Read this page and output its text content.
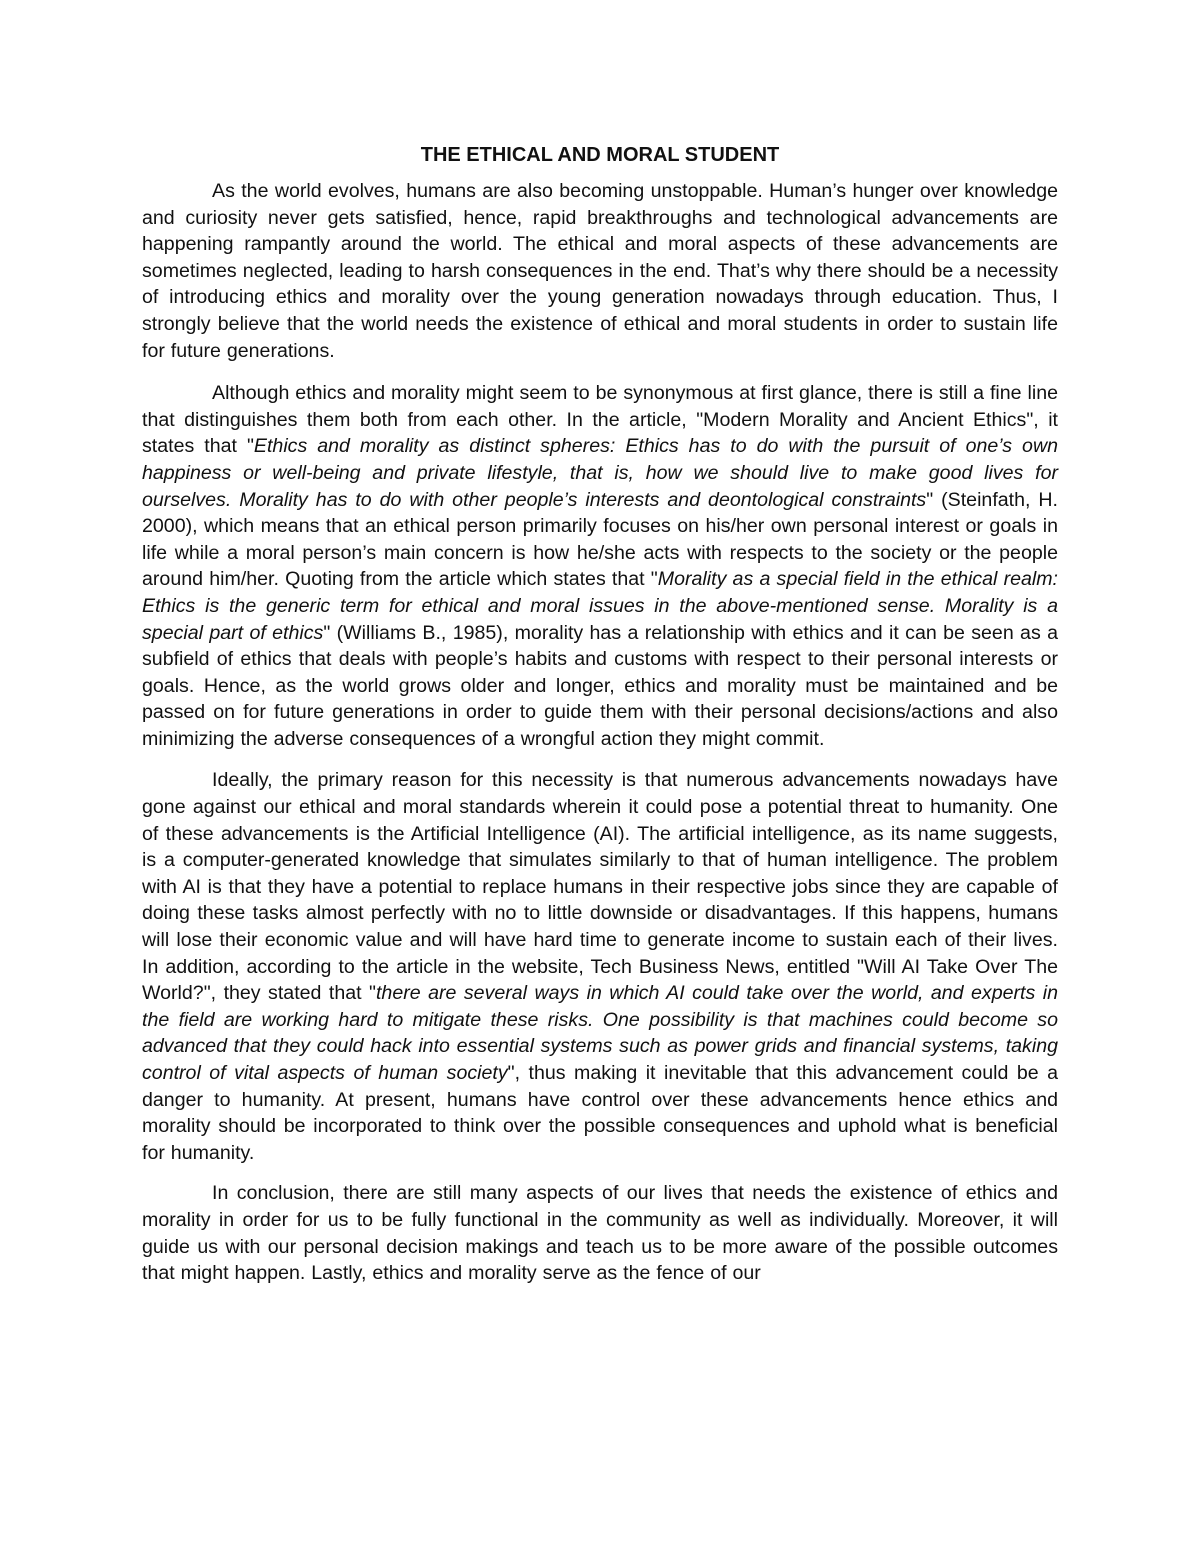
THE ETHICAL AND MORAL STUDENT

As the world evolves, humans are also becoming unstoppable. Human’s hunger over knowledge and curiosity never gets satisfied, hence, rapid breakthroughs and technological advancements are happening rampantly around the world. The ethical and moral aspects of these advancements are sometimes neglected, leading to harsh consequences in the end. That’s why there should be a necessity of introducing ethics and morality over the young generation nowadays through education. Thus, I strongly believe that the world needs the existence of ethical and moral students in order to sustain life for future generations.

Although ethics and morality might seem to be synonymous at first glance, there is still a fine line that distinguishes them both from each other. In the article, "Modern Morality and Ancient Ethics", it states that "Ethics and morality as distinct spheres: Ethics has to do with the pursuit of one’s own happiness or well-being and private lifestyle, that is, how we should live to make good lives for ourselves. Morality has to do with other people’s interests and deontological constraints" (Steinfath, H. 2000), which means that an ethical person primarily focuses on his/her own personal interest or goals in life while a moral person’s main concern is how he/she acts with respects to the society or the people around him/her. Quoting from the article which states that "Morality as a special field in the ethical realm: Ethics is the generic term for ethical and moral issues in the above-mentioned sense. Morality is a special part of ethics" (Williams B., 1985), morality has a relationship with ethics and it can be seen as a subfield of ethics that deals with people’s habits and customs with respect to their personal interests or goals. Hence, as the world grows older and longer, ethics and morality must be maintained and be passed on for future generations in order to guide them with their personal decisions/actions and also minimizing the adverse consequences of a wrongful action they might commit.

Ideally, the primary reason for this necessity is that numerous advancements nowadays have gone against our ethical and moral standards wherein it could pose a potential threat to humanity. One of these advancements is the Artificial Intelligence (AI). The artificial intelligence, as its name suggests, is a computer-generated knowledge that simulates similarly to that of human intelligence. The problem with AI is that they have a potential to replace humans in their respective jobs since they are capable of doing these tasks almost perfectly with no to little downside or disadvantages. If this happens, humans will lose their economic value and will have hard time to generate income to sustain each of their lives. In addition, according to the article in the website, Tech Business News, entitled "Will AI Take Over The World?", they stated that "there are several ways in which AI could take over the world, and experts in the field are working hard to mitigate these risks. One possibility is that machines could become so advanced that they could hack into essential systems such as power grids and financial systems, taking control of vital aspects of human society", thus making it inevitable that this advancement could be a danger to humanity. At present, humans have control over these advancements hence ethics and morality should be incorporated to think over the possible consequences and uphold what is beneficial for humanity.

In conclusion, there are still many aspects of our lives that needs the existence of ethics and morality in order for us to be fully functional in the community as well as individually. Moreover, it will guide us with our personal decision makings and teach us to be more aware of the possible outcomes that might happen. Lastly, ethics and morality serve as the fence of our
